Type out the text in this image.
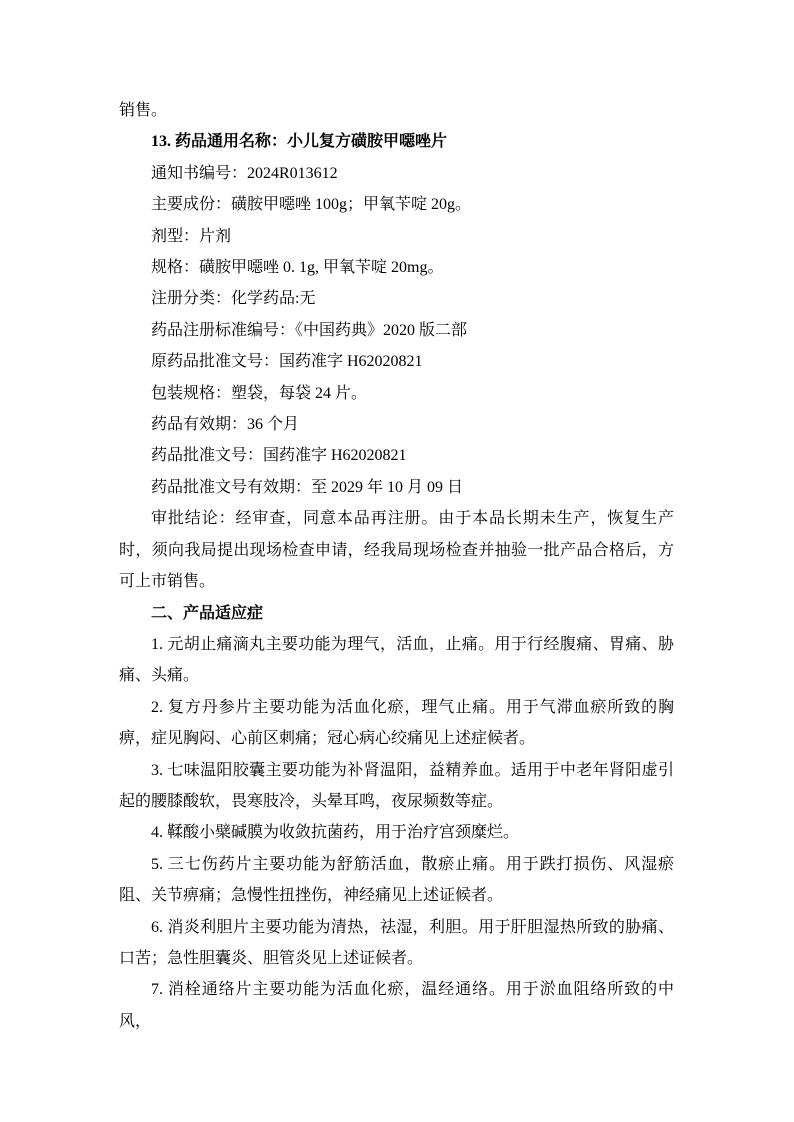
销售。

13. 药品通用名称：小儿复方磺胺甲噁唑片

通知书编号：2024R013612

主要成份：磺胺甲噁唑 100g；甲氧苄啶 20g。

剂型：片剂

规格：磺胺甲噁唑 0. 1g, 甲氧苄啶 20mg。

注册分类：化学药品:无

药品注册标准编号：《中国药典》2020 版二部

原药品批准文号：国药准字 H62020821

包装规格：塑袋，每袋 24 片。

药品有效期：36 个月

药品批准文号：国药准字 H62020821

药品批准文号有效期：至 2029 年 10 月 09 日

审批结论：经审查，同意本品再注册。由于本品长期未生产，恢复生产时，须向我局提出现场检查申请，经我局现场检查并抽验一批产品合格后，方可上市销售。

二、产品适应症

1. 元胡止痛滴丸主要功能为理气，活血，止痛。用于行经腹痛、胃痛、胁痛、头痛。

2. 复方丹参片主要功能为活血化瘀，理气止痛。用于气滞血瘀所致的胸痹，症见胸闷、心前区刺痛；冠心病心绞痛见上述症候者。

3. 七味温阳胶囊主要功能为补肾温阳，益精养血。适用于中老年肾阳虚引起的腰膝酸软，畏寒肢冷，头晕耳鸣，夜尿频数等症。

4. 鞣酸小檗碱膜为收敛抗菌药，用于治疗宫颈糜烂。

5. 三七伤药片主要功能为舒筋活血，散瘀止痛。用于跌打损伤、风湿瘀阻、关节痹痛；急慢性扭挫伤，神经痛见上述证候者。

6. 消炎利胆片主要功能为清热，祛湿，利胆。用于肝胆湿热所致的胁痛、口苦；急性胆囊炎、胆管炎见上述证候者。

7. 消栓通络片主要功能为活血化瘀，温经通络。用于淤血阻络所致的中风，
